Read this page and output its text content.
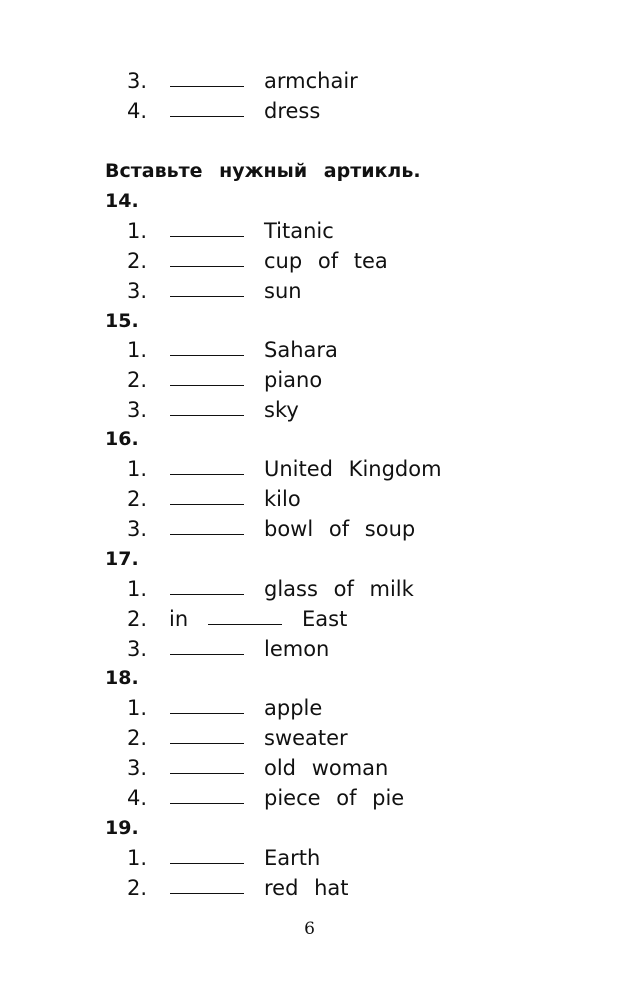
3.	armchair
4.	dress
Вставьте нужный артикль.
14.
1.	Titanic
2.	cup of tea
3.	sun
15.
1.	Sahara
2.	piano
3.	sky
16.
1.	United Kingdom
2.	kilo
3.	bowl of soup
17.
1.	glass of milk
2. in	East
3.	lemon
18.
1.	apple
2.	sweater
3.	old woman
4.	piece of pie
19.
1.	Earth
2.	red hat
6
